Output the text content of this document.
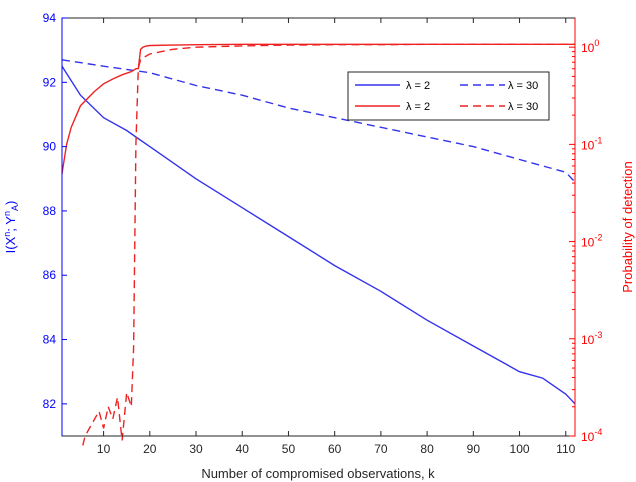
10	20	30	40	50	60	70	80	90 100 110
82
84
86
88
90
92
94
$10^{-4}$
$10^{-3}$
$10^{-2}$
$10^{-1}$
$10^0$
Number of compromised observations, k
$I(X^n$; $Y^n_A$)	Probability of detection
λ = 2	λ = 30
λ = 2	λ = 30
